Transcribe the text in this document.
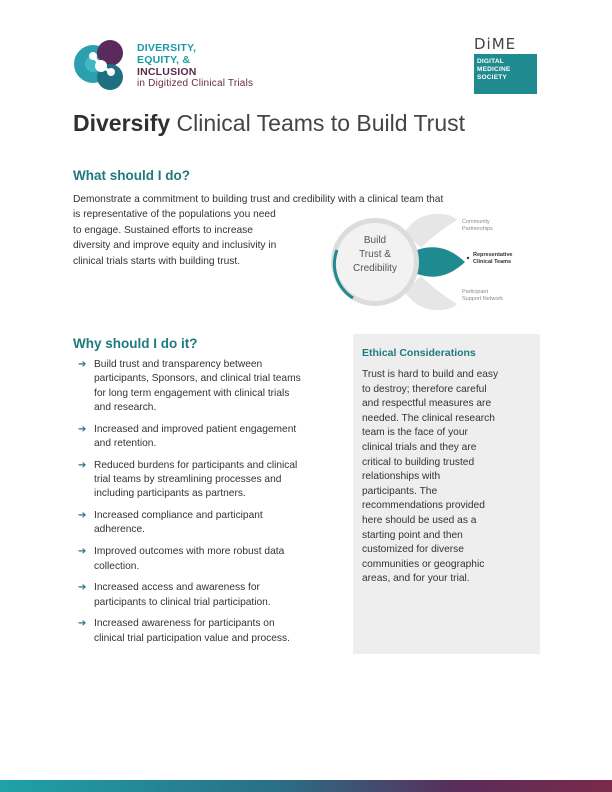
DIVERSITY,
EQUITY, &
INCLUSION
in Digitized Clinical Trials
DiME
DIGITAL
MEDICINE
SOCIETY
Diversify Clinical Teams to Build Trust
What should I do?
Demonstrate a commitment to building trust and credibility with a clinical team that
is representative of the populations you need
to engage. Sustained efforts to increase
diversity and improve equity and inclusivity in
clinical trials starts with building trust.
Build
Trust &
Credibility
Community
Partnerships
Representative
Clinical Teams
Participant
Support Network
Why should I do it?
➔ Build trust and transparency between
participants, Sponsors, and clinical trial teams
for long term engagement with clinical trials
and research.
➔ Increased and improved patient engagement
and retention.
➔ Reduced burdens for participants and clinical
trial teams by streamlining processes and
including participants as partners.
➔ Increased compliance and participant
adherence.
➔ Improved outcomes with more robust data
collection.
➔ Increased access and awareness for
participants to clinical trial participation.
➔ Increased awareness for participants on
clinical trial participation value and process.
Ethical Considerations
Trust is hard to build and easy
to destroy; therefore careful
and respectful measures are
needed. The clinical research
team is the face of your
clinical trials and they are
critical to building trusted
relationships with
participants. The
recommendations provided
here should be used as a
starting point and then
customized for diverse
communities or geographic
areas, and for your trial.
